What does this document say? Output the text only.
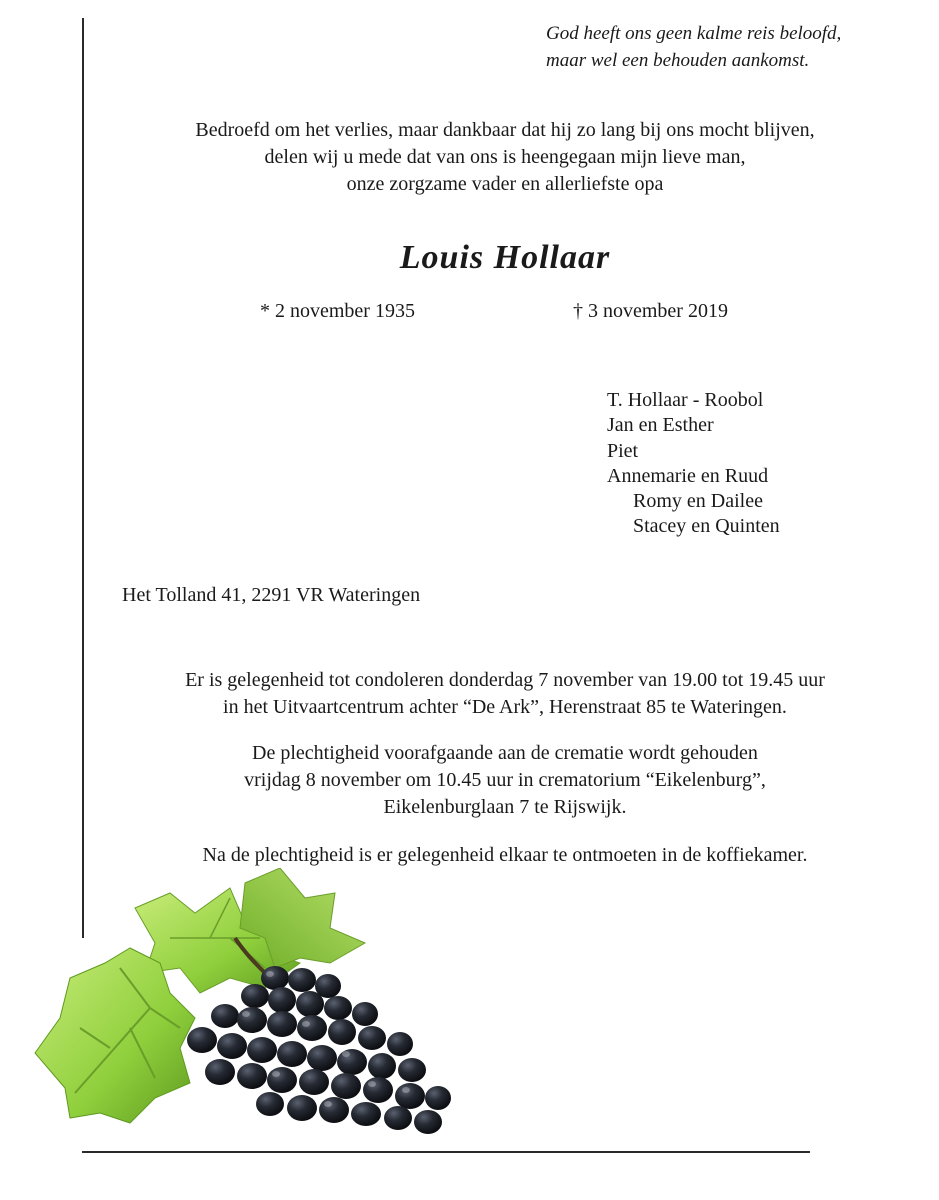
God heeft ons geen kalme reis beloofd,
maar wel een behouden aankomst.
Bedroefd om het verlies, maar dankbaar dat hij zo lang bij ons mocht blijven,
delen wij u mede dat van ons is heengegaan mijn lieve man,
onze zorgzame vader en allerliefste opa
Louis Hollaar
* 2 november 1935	† 3 november 2019
T. Hollaar - Roobol
Jan en Esther
Piet
Annemarie en Ruud
Romy en Dailee
Stacey en Quinten
Het Tolland 41, 2291 VR Wateringen
Er is gelegenheid tot condoleren donderdag 7 november van 19.00 tot 19.45 uur
in het Uitvaartcentrum achter “De Ark”, Herenstraat 85 te Wateringen.
De plechtigheid voorafgaande aan de crematie wordt gehouden
vrijdag 8 november om 10.45 uur in crematorium “Eikelenburg”,
Eikelenburglaan 7 te Rijswijk.
Na de plechtigheid is er gelegenheid elkaar te ontmoeten in de koffiekamer.
